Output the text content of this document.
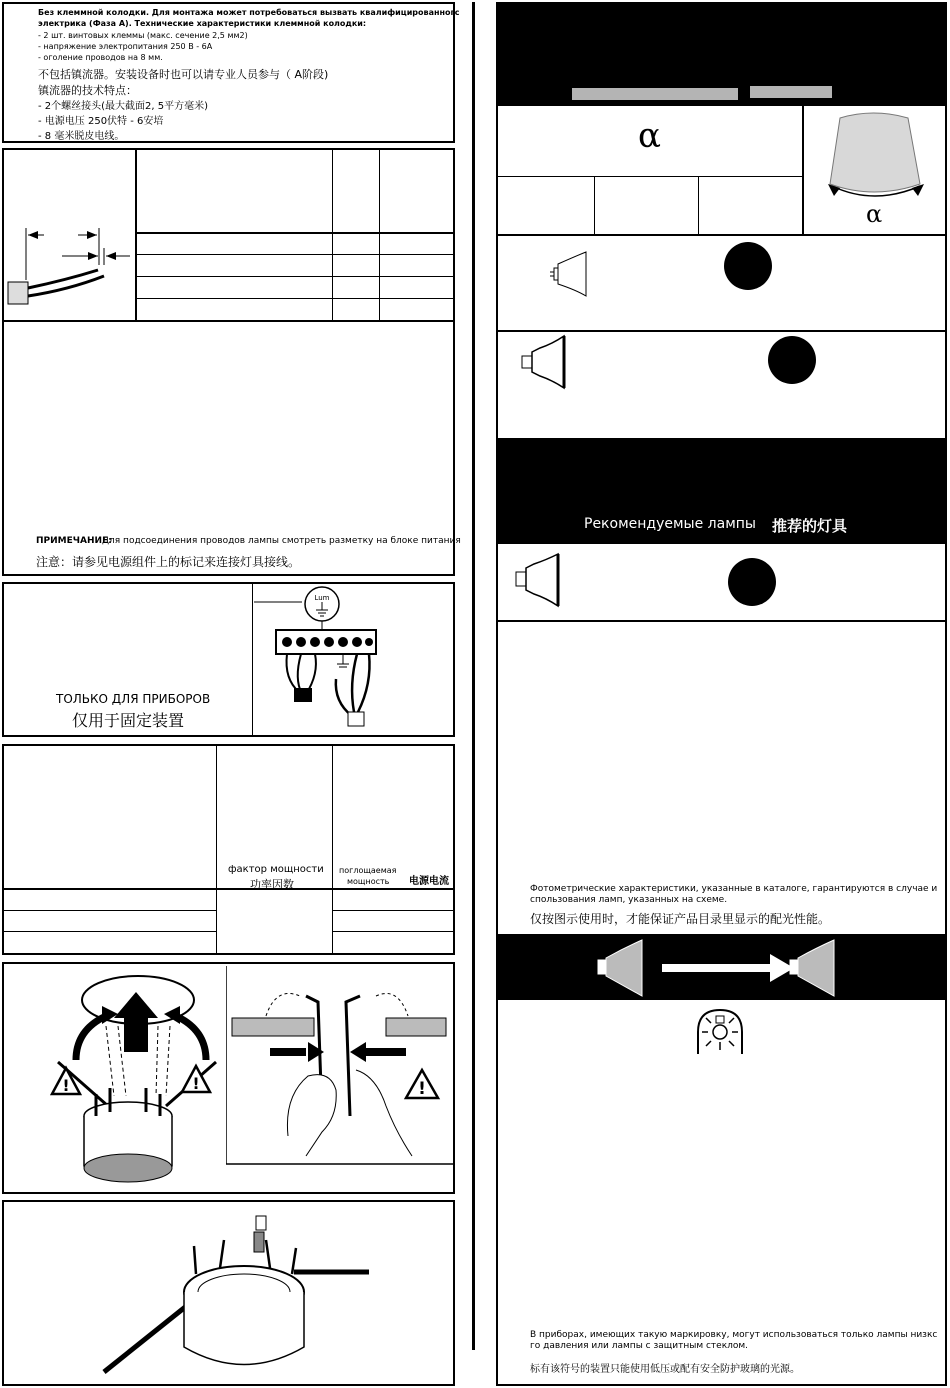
Без клеммной колодки. Для монтажа может потребоваться вызвать квалифицированногс
электрика (Фаза А). Технические характеристики клеммной колодки:
- 2 шт. винтовых клеммы (макс. сечение 2,5 мм2)
- напряжение электропитания 250 В - 6А
- оголение проводов на 8 мм.
不包括镇流器。安装设备时也可以请专业人员参与（ A阶段)
镇流器的技术特点：
- 2个螺丝接头(最大截面2, 5平方毫米)
- 电源电压 250伏特 - 6安培
- 8 毫米脱皮电线。
ПРИМЕЧАНИЕ:
Для подсоединения проводов лампы смотреть разметку на блоке питания
注意：请参见电源组件上的标记来连接灯具接线。
ТОЛЬКО ДЛЯ ПРИБОРОВ
仅用于固定装置
Lum
фактор мощности
功率因数
поглощаемая
мощность 电源电流
!	!	!
α
α
Рекомендуемые лампы 推荐的灯具
Фотометрические характеристики, указанные в каталоге, гарантируются в случае и
спользования ламп, указанных на схеме.
仅按图示使用时，才能保证产品目录里显示的配光性能。
В приборах, имеющих такую маркировку, могут использоваться только лампы низкс
го давления или лампы с защитным стеклом.
标有该符号的装置只能使用低压或配有安全防护玻璃的光源。
